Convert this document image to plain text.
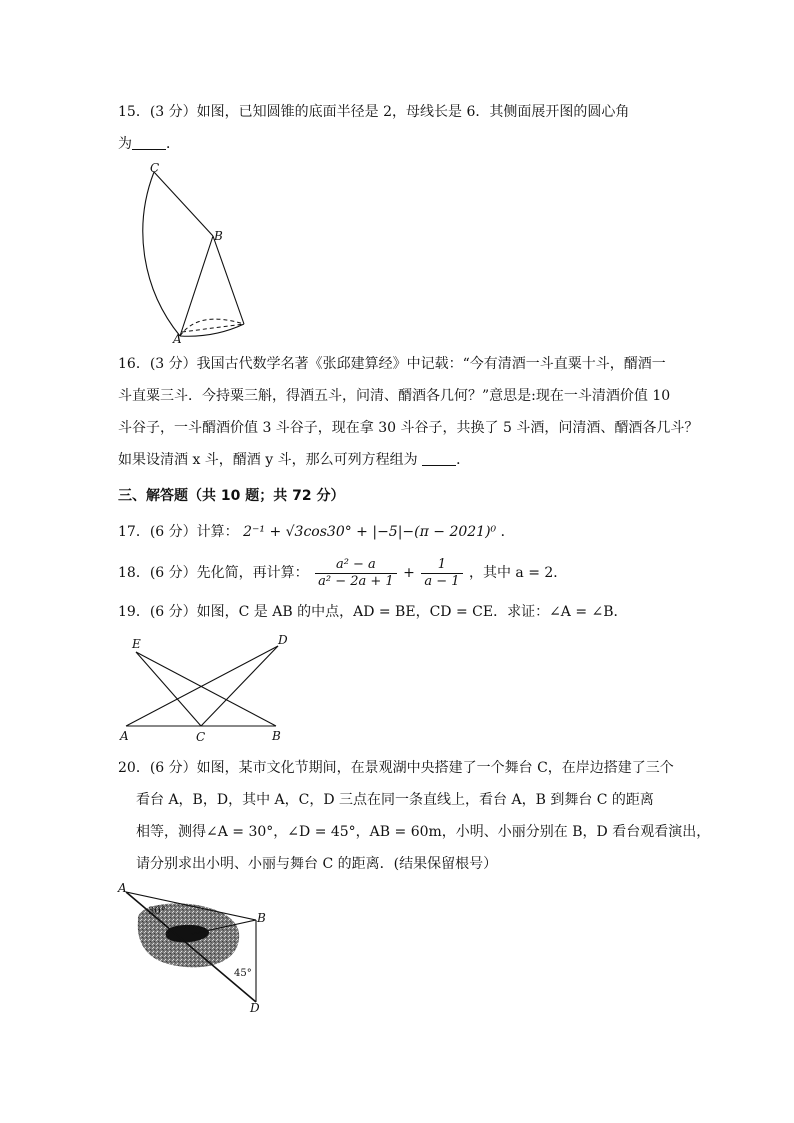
15．(3 分）如图，已知圆锥的底面半径是 2，母线长是 6．其侧面展开图的圆心角
为 ．
C
B
A
16．(3 分）我国古代数学名著《张邱建算经》中记载：“今有清酒一斗直粟十斗，醑酒一
斗直粟三斗．今持粟三斛，得酒五斗，问清、醑酒各几何？”意思是:现在一斗清酒价值 10
斗谷子，一斗醑酒价值 3 斗谷子，现在拿 30 斗谷子，共换了 5 斗酒，问清酒、醑酒各几斗？
如果设清酒 x 斗，醑酒 y 斗，那么可列方程组为	．
三、解答题（共 10 题；共 72 分）
17．(6 分）计算： 2⁻¹ + √3cos30° + |−5|−(π − 2021)⁰ ．
18．(6 分）先化简，再计算： $\frac{\text{a² − a}}{\text{a² − 2a + 1}} + \frac{1}{a - 1}$ ，其中 a = 2．
19．(6 分）如图，C 是 AB 的中点，AD = BE，CD = CE．求证：∠A = ∠B．
E	D
A	C	B
20．(6 分）如图，某市文化节期间，在景观湖中央搭建了一个舞台 C，在岸边搭建了三个
看台 A，B，D，其中 A，C，D 三点在同一条直线上，看台 A，B 到舞台 C 的距离
相等，测得∠A = 30°，∠D = 45°，AB = 60m，小明、小丽分别在 B，D 看台观看演出，
请分别求出小明、小丽与舞台 C 的距离．(结果保留根号）
A
B
D
30°
45°
